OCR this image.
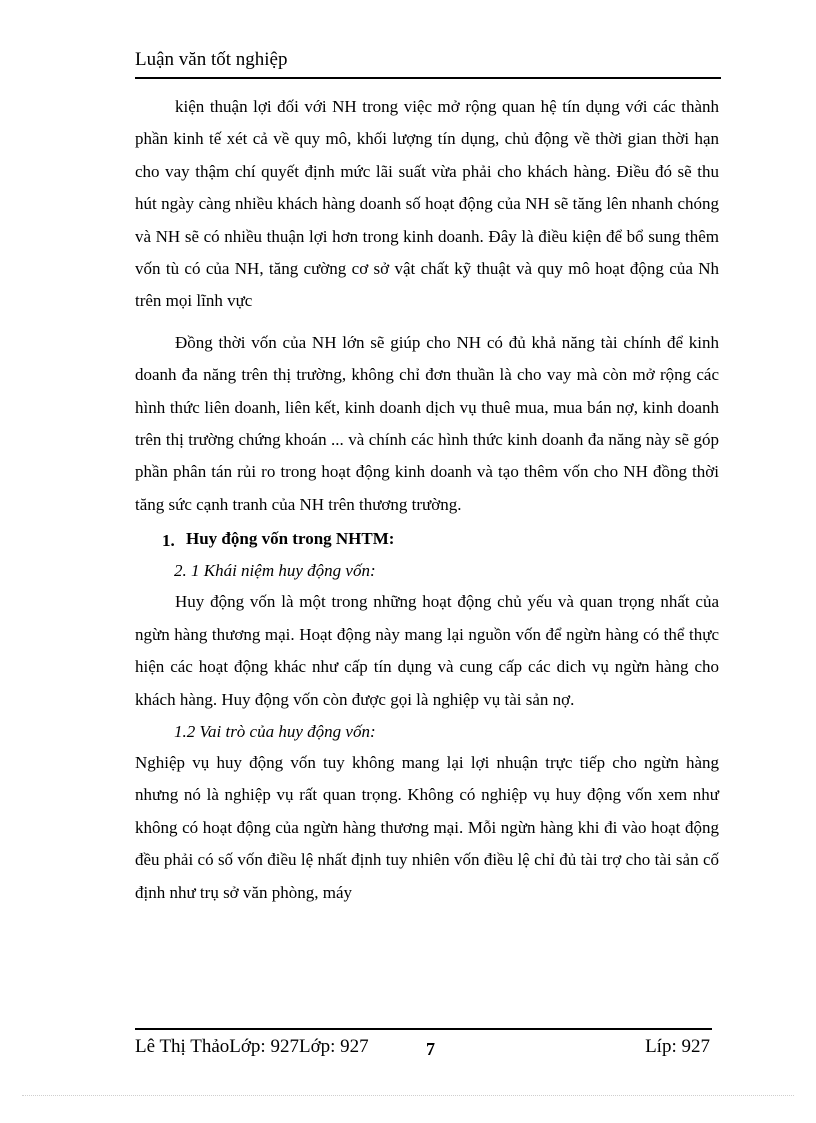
Luận văn tốt nghiệp

kiện thuận lợi đối với NH trong việc mở rộng quan hệ tín dụng với các thành phần kinh tế xét cả về quy mô, khối lượng tín dụng, chủ động về thời gian thời hạn cho vay thậm chí quyết định mức lãi suất vừa phải cho khách hàng. Điều đó sẽ thu hút ngày càng nhiều khách hàng doanh số hoạt động của NH sẽ tăng lên nhanh chóng và NH sẽ có nhiều thuận lợi hơn trong kinh doanh. Đây là điều kiện để bổ sung thêm vốn tù có của NH, tăng cường cơ sở vật chất kỹ thuật và quy mô hoạt động của Nh trên mọi lĩnh vực

Đồng thời vốn của NH lớn sẽ giúp cho NH có đủ khả năng tài chính để kinh doanh đa năng trên thị trường, không chỉ đơn thuần là cho vay mà còn mở rộng các hình thức liên doanh, liên kết, kinh doanh dịch vụ thuê mua, mua bán nợ, kinh doanh trên thị trường chứng khoán ... và chính các hình thức kinh doanh đa năng này sẽ góp phần phân tán rủi ro trong hoạt động kinh doanh và tạo thêm vốn cho NH đồng thời tăng sức cạnh tranh của NH trên thương trường.

1. Huy động vốn trong NHTM:
2. 1 Khái niệm huy động vốn:

Huy động vốn là một trong những hoạt động chủ yếu và quan trọng nhất của ngừn hàng thương mại. Hoạt động này mang lại nguồn vốn để ngừn hàng có thể thực hiện các hoạt động khác như cấp tín dụng và cung cấp các dich vụ ngừn hàng cho khách hàng. Huy động vốn còn được gọi là nghiệp vụ tài sản nợ.

1.2 Vai trò của huy động vốn:

Nghiệp vụ huy động vốn tuy không mang lại lợi nhuận trực tiếp cho ngừn hàng nhưng nó là nghiệp vụ rất quan trọng. Không có nghiệp vụ huy động vốn xem như không có hoạt động của ngừn hàng thương mại. Mỗi ngừn hàng khi đi vào hoạt động đều phải có số vốn điều lệ nhất định tuy nhiên vốn điều lệ chỉ đủ tài trợ cho tài sản cố định như trụ sở văn phòng, máy

Lê Thị ThảoLớp: 927Lớp: 927	7	Líp: 927
